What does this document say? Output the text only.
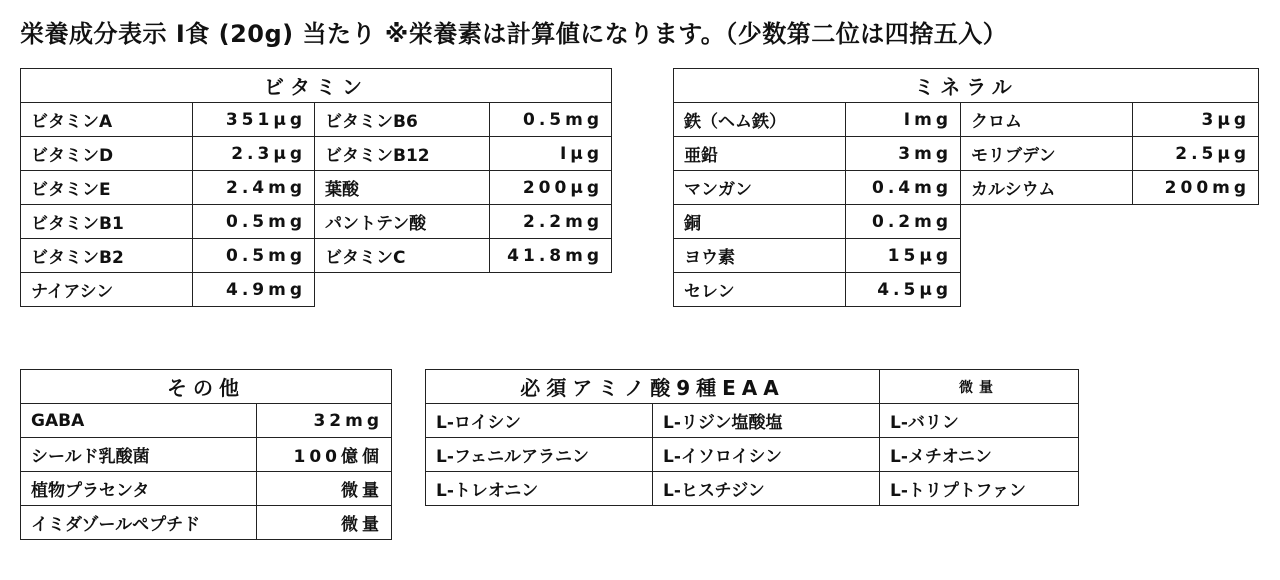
栄養成分表示 Ⅰ食 (20g) 当たり ※栄養素は計算値になります。（少数第二位は四捨五入）
ビタミン			
ビタミンA	351μg	ビタミンB6	0.5mg
ビタミンD	2.3μg	ビタミンB12	Ⅰμg
ビタミンE	2.4mg	葉酸	200μg
ビタミンB1	0.5mg	パントテン酸	2.2mg
ビタミンB2	0.5mg	ビタミンC	41.8mg
ナイアシン	4.9mg		
ミネラル			
鉄（ヘム鉄）	Ⅰmg	クロム	3μg
亜鉛	3mg	モリブデン	2.5μg
マンガン	0.4mg	カルシウム	200mg
銅	0.2mg		
ヨウ素	15μg		
セレン	4.5μg		
その他	
GABA	32mg
シールド乳酸菌	100億個
植物プラセンタ	微量
イミダゾールペプチド	微量
必須アミノ酸9種EAA		微量
L-ロイシン	L-リジン塩酸塩	L-バリン
L-フェニルアラニン	L-イソロイシン	L-メチオニン
L-トレオニン	L-ヒスチジン	L-トリプトファン
